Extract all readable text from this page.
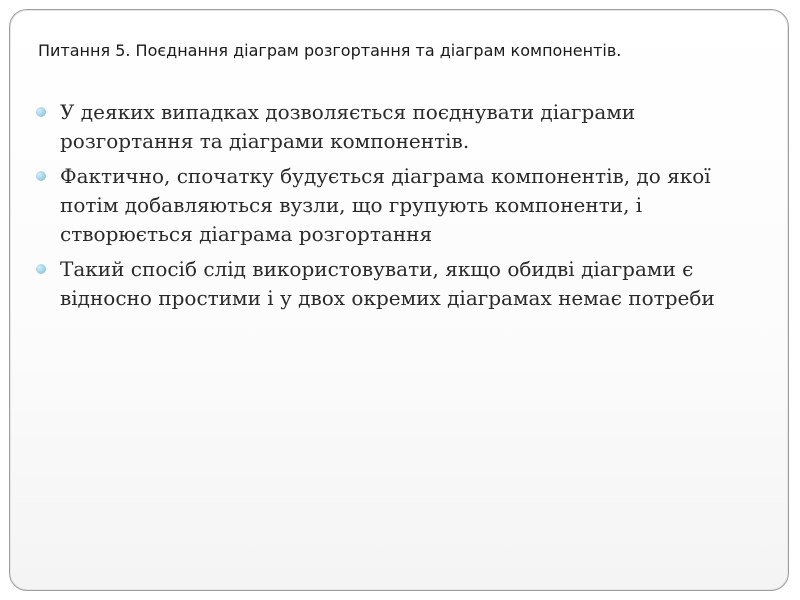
Питання 5. Поєднання діаграм розгортання та діаграм компонентів.
У деяких випадках дозволяється поєднувати діаграми розгортання та діаграми компонентів.
Фактично, спочатку будується діаграма компонентів, до якої потім добавляються вузли, що групують компоненти, і створюється діаграма розгортання
Такий спосіб слід використовувати, якщо обидві діаграми є відносно простими і у двох окремих діаграмах немає потреби
